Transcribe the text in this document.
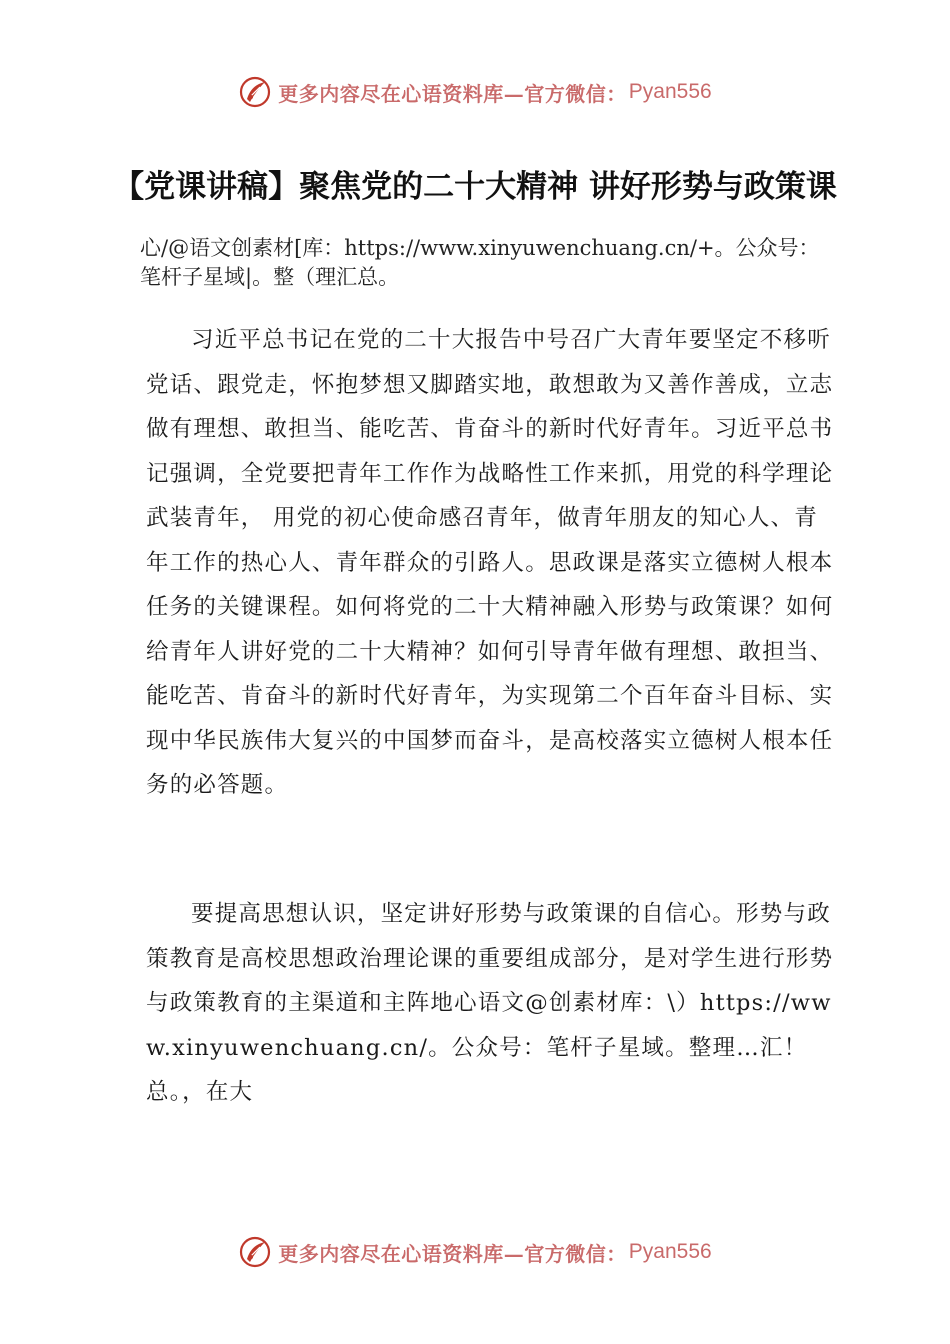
更多内容尽在心语资料库—官方微信： Pyan556
【党课讲稿】聚焦党的二十大精神 讲好形势与政策课

心/@语文创素材[库：https://www.xinyuwenchuang.cn/+。公众号：笔杆子星域|。整（理汇总。

习近平总书记在党的二十大报告中号召广大青年要坚定不移听党话、跟党走，怀抱梦想又脚踏实地，敢想敢为又善作善成，立志做有理想、敢担当、能吃苦、肯奋斗的新时代好青年。习近平总书记强调，全党要把青年工作作为战略性工作来抓，用党的科学理论武装青年， 用党的初心使命感召青年，做青年朋友的知心人、青年工作的热心人、青年群众的引路人。思政课是落实立德树人根本任务的关键课程。如何将党的二十大精神融入形势与政策课？如何给青年人讲好党的二十大精神？如何引导青年做有理想、敢担当、能吃苦、肯奋斗的新时代好青年，为实现第二个百年奋斗目标、实现中华民族伟大复兴的中国梦而奋斗，是高校落实立德树人根本任务的必答题。

要提高思想认识，坚定讲好形势与政策课的自信心。形势与政策教育是高校思想政治理论课的重要组成部分，是对学生进行形势与政策教育的主渠道和主阵地心语文@创素材库：\）https://www.xinyuwenchuang.cn/。公众号：笔杆子星域。整理…汇！总。，在大

更多内容尽在心语资料库—官方微信： Pyan556
